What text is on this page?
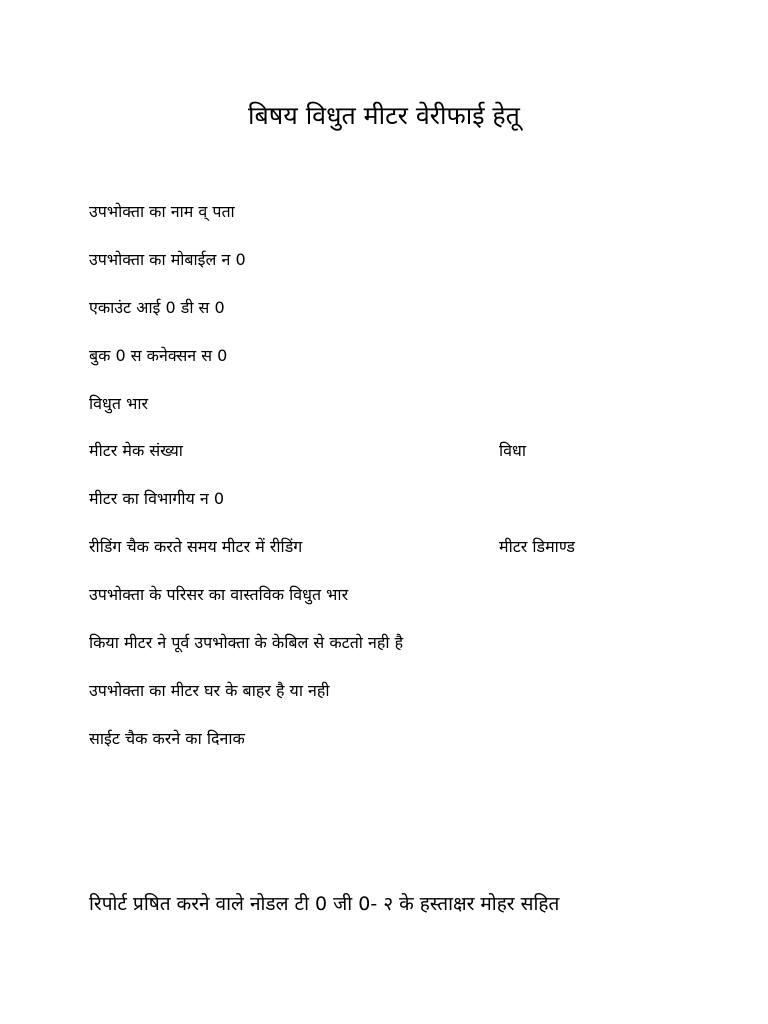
बिषय विधुत मीटर वेरीफाई हेतू
उपभोक्ता का नाम व् पता
उपभोक्ता का मोबाईल न 0
एकाउंट आई 0 डी स 0
बुक 0 स कनेक्सन स 0
विधुत भार
मीटर मेक संख्या	विधा
मीटर का विभागीय न 0
रीडिंग चैक करते समय मीटर में रीडिंग	मीटर डिमाण्ड
उपभोक्ता के परिसर का वास्तविक विधुत भार
किया मीटर ने पूर्व उपभोक्ता के केबिल से कटतो नही है
उपभोक्ता का मीटर घर के बाहर है या नही
साईट चैक करने का दिनाक
रिपोर्ट प्रषित करने वाले नोडल टी 0 जी 0- २ के हस्ताक्षर मोहर सहित
